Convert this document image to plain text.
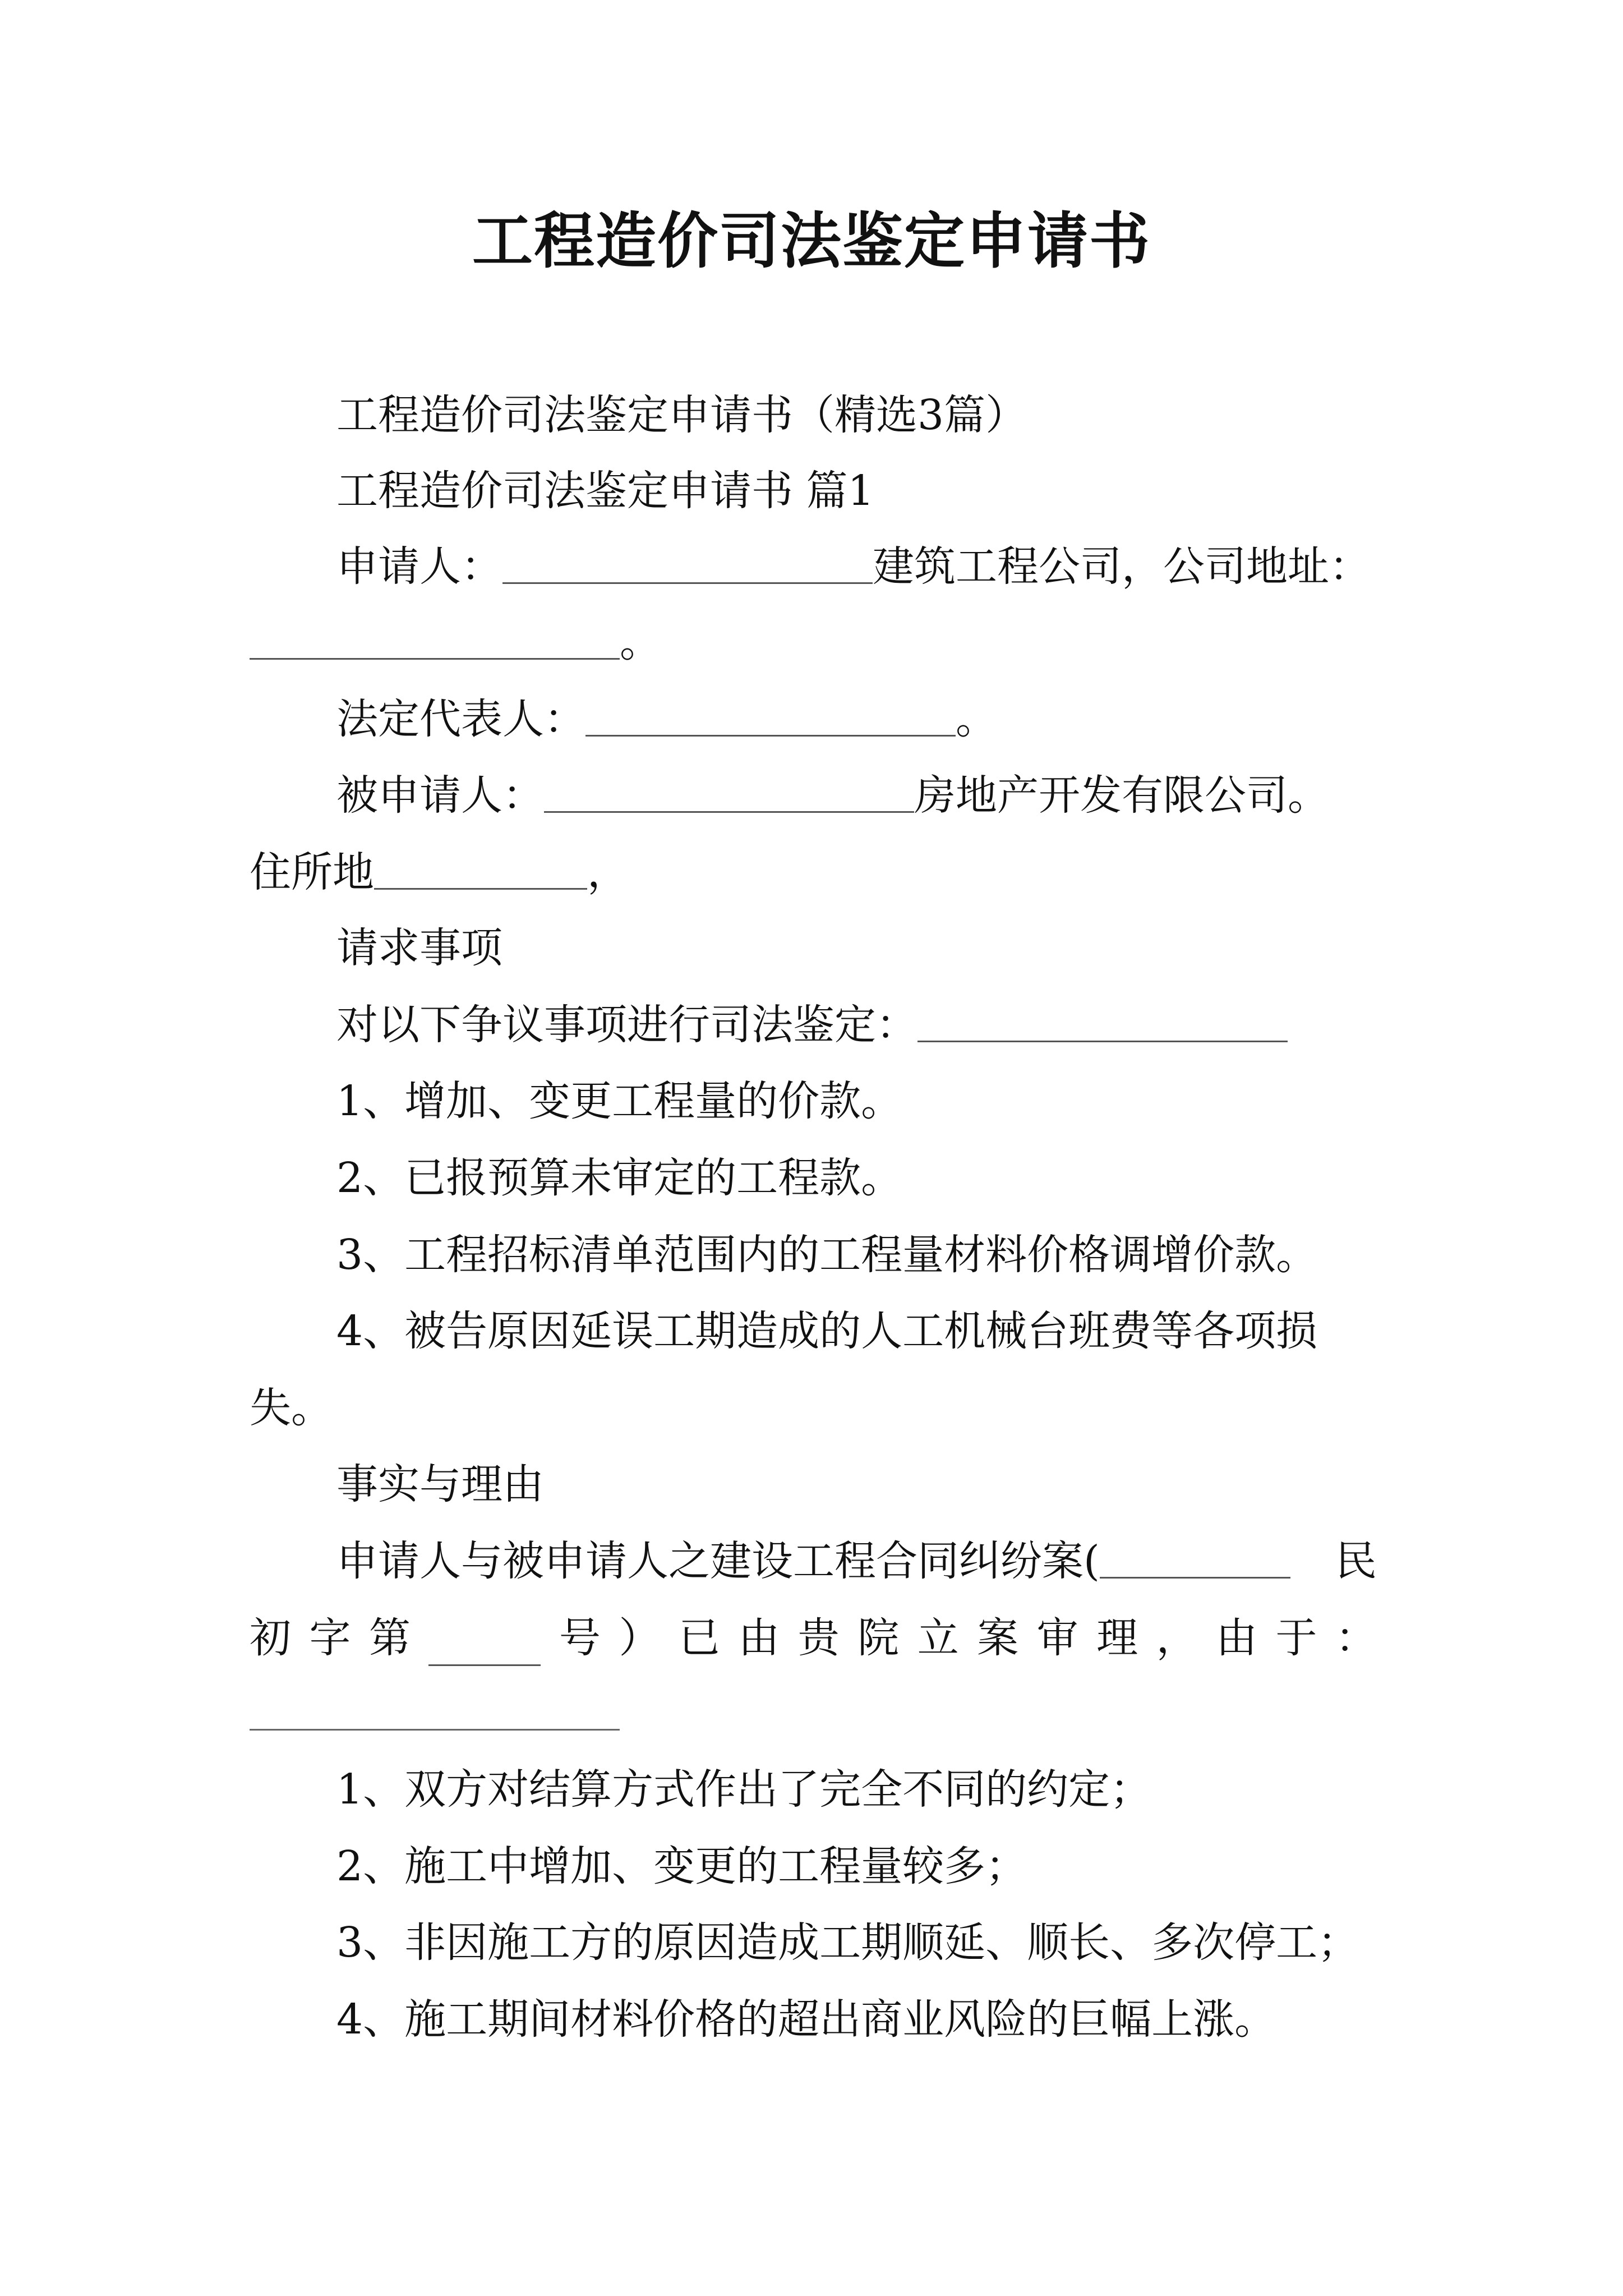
工程造价司法鉴定申请书
工程造价司法鉴定申请书（精选3篇）
工程造价司法鉴定申请书 篇1
申请人：	建筑工程公司，公司地址：
。
法定代表人：	。
被申请人：	房地产开发有限公司。
住所地	，
请求事项
对以下争议事项进行司法鉴定：
1、增加、变更工程量的价款。
2、已报预算未审定的工程款。
3、工程招标清单范围内的工程量材料价格调增价款。
4、被告原因延误工期造成的人工机械台班费等各项损
失。
事实与理由
申请人与被申请人之建设工程合同纠纷案(	民
初 字 第	号 ） 已 由 贵 院 立 案 审 理 ， 由 于 ：
1、双方对结算方式作出了完全不同的约定；
2、施工中增加、变更的工程量较多；
3、非因施工方的原因造成工期顺延、顺长、多次停工；
4、施工期间材料价格的超出商业风险的巨幅上涨。
